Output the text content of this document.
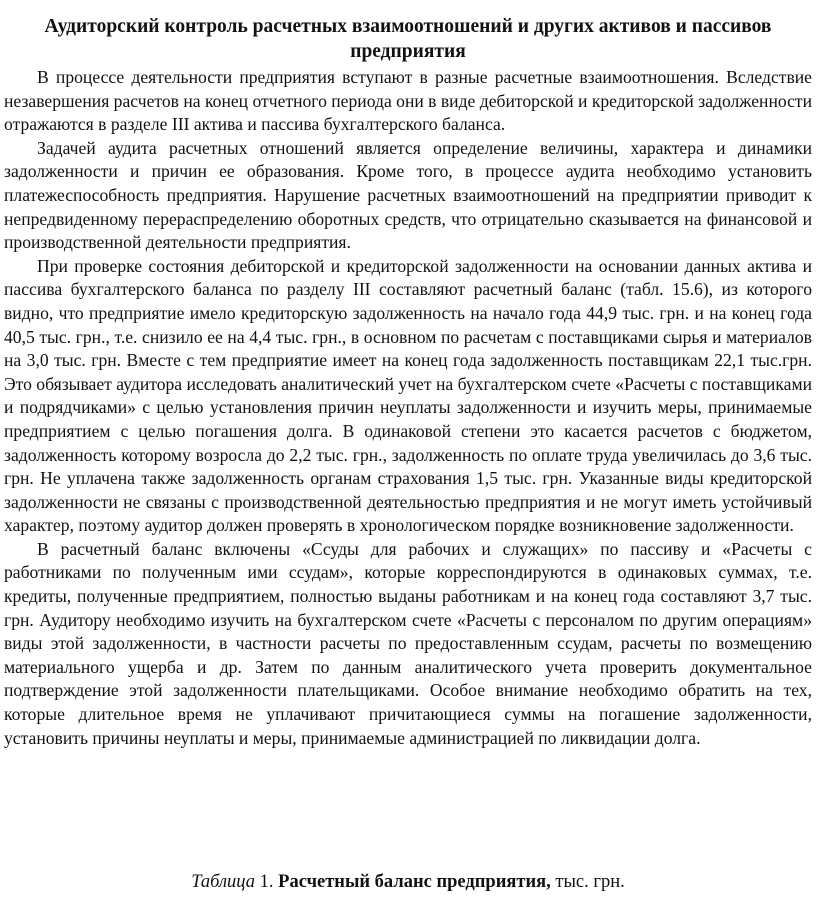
Аудиторский контроль расчетных взаимоотношений и других активов и пассивов предприятия

В процессе деятельности предприятия вступают в разные расчетные взаимоотношения. Вследствие незавершения расчетов на конец отчетного периода они в виде дебиторской и кредиторской задолженности отражаются в разделе III актива и пассива бухгалтерского баланса.

Задачей аудита расчетных отношений является определение величины, характера и динамики задолженности и причин ее образования. Кроме того, в процессе аудита необходимо установить платежеспособность предприятия. Нарушение расчетных взаимоотношений на предприятии приводит к непредвиденному перераспределению оборотных средств, что отрицательно сказывается на финансовой и производственной деятельности предприятия.

При проверке состояния дебиторской и кредиторской задолженности на основании данных актива и пассива бухгалтерского баланса по разделу III составляют расчетный баланс (табл. 15.6), из которого видно, что предприятие имело кредиторскую задолженность на начало года 44,9 тыс. грн. и на конец года 40,5 тыс. грн., т.е. снизило ее на 4,4 тыс. грн., в основном по расчетам с поставщиками сырья и материалов на 3,0 тыс. грн. Вместе с тем предприятие имеет на конец года задолженность поставщикам 22,1 тыс.грн. Это обязывает аудитора исследовать аналитический учет на бухгалтерском счете «Расчеты с поставщиками и подрядчиками» с целью установления причин неуплаты задолженности и изучить меры, принимаемые предприятием с целью погашения долга. В одинаковой степени это касается расчетов с бюджетом, задолженность которому возросла до 2,2 тыс. грн., задолженность по оплате труда увеличилась до 3,6 тыс. грн. Не уплачена также задолженность органам страхования 1,5 тыс. грн. Указанные виды кредиторской задолженности не связаны с производственной деятельностью предприятия и не могут иметь устойчивый характер, поэтому аудитор должен проверять в хронологическом порядке возникновение задолженности.

В расчетный баланс включены «Ссуды для рабочих и служащих» по пассиву и «Расчеты с работниками по полученным ими ссудам», которые корреспондируются в одинаковых суммах, т.е. кредиты, полученные предприятием, полностью выданы работникам и на конец года составляют 3,7 тыс. грн. Аудитору необходимо изучить на бухгалтерском счете «Расчеты с персоналом по другим операциям» виды этой задолженности, в частности расчеты по предоставленным ссудам, расчеты по возмещению материального ущерба и др. Затем по данным аналитического учета проверить документальное подтверждение этой задолженности плательщиками. Особое внимание необходимо обратить на тех, которые длительное время не уплачивают причитающиеся суммы на погашение задолженности, установить причины неуплаты и меры, принимаемые администрацией по ликвидации долга.

Таблица 1. Расчетный баланс предприятия, тыс. грн.
